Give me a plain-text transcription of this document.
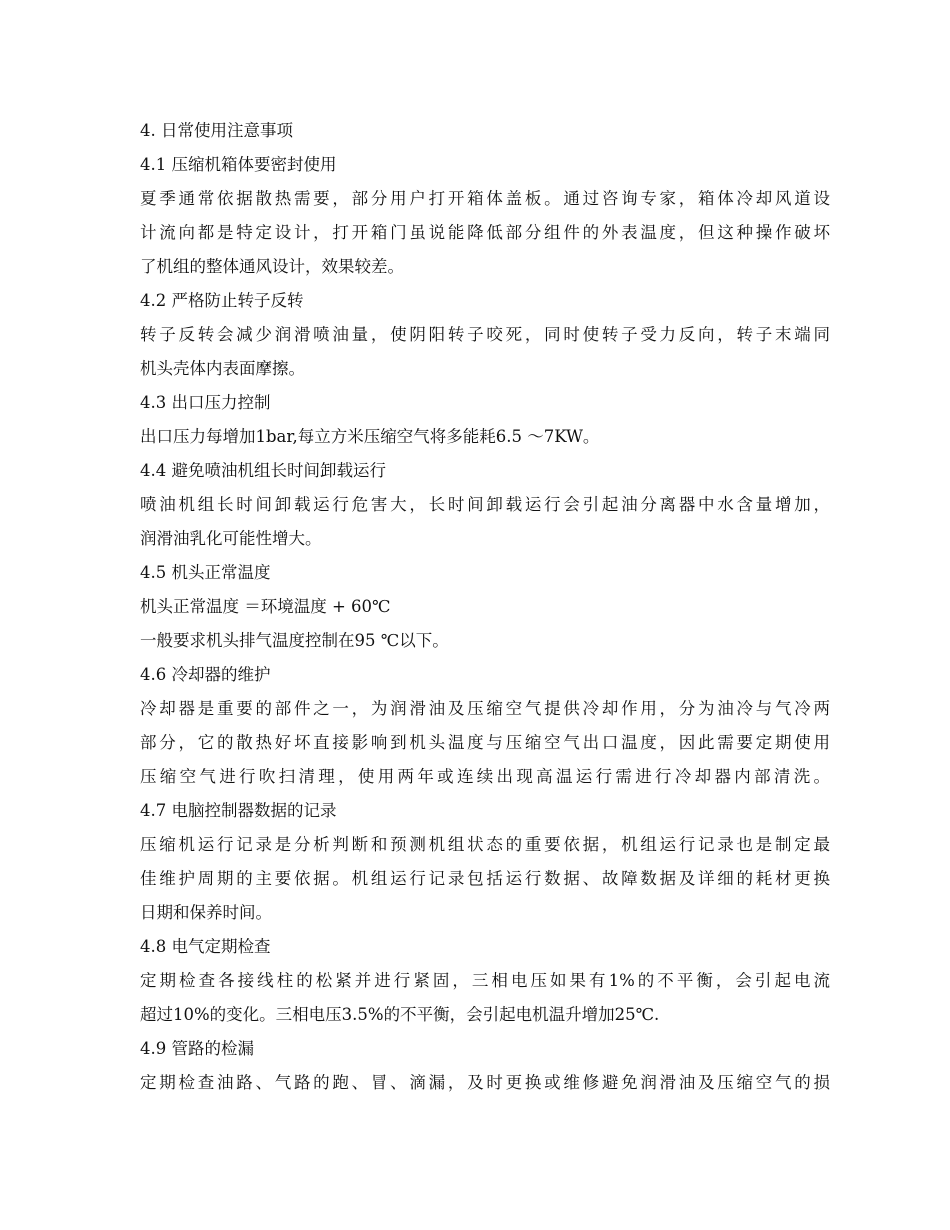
4. 日常使用注意事项
4.1 压缩机箱体要密封使用
夏季通常依据散热需要，部分用户打开箱体盖板。通过咨询专家，箱体冷却风道设
计流向都是特定设计，打开箱门虽说能降低部分组件的外表温度，但这种操作破坏
了机组的整体通风设计，效果较差。
4.2 严格防止转子反转
转子反转会减少润滑喷油量，使阴阳转子咬死，同时使转子受力反向，转子末端同
机头壳体内表面摩擦。
4.3 出口压力控制
出口压力每增加1bar,每立方米压缩空气将多能耗6.5 ～7KW。
4.4 避免喷油机组长时间卸载运行
喷油机组长时间卸载运行危害大，长时间卸载运行会引起油分离器中水含量增加，
润滑油乳化可能性增大。
4.5 机头正常温度
机头正常温度 ＝环境温度 + 60℃
一般要求机头排气温度控制在95 ℃以下。
4.6 冷却器的维护
冷却器是重要的部件之一，为润滑油及压缩空气提供冷却作用，分为油冷与气冷两
部分，它的散热好坏直接影响到机头温度与压缩空气出口温度，因此需要定期使用
压缩空气进行吹扫清理，使用两年或连续出现高温运行需进行冷却器内部清洗。
4.7 电脑控制器数据的记录
压缩机运行记录是分析判断和预测机组状态的重要依据，机组运行记录也是制定最
佳维护周期的主要依据。机组运行记录包括运行数据、故障数据及详细的耗材更换
日期和保养时间。
4.8 电气定期检查
定期检查各接线柱的松紧并进行紧固，三相电压如果有1%的不平衡，会引起电流
超过10%的变化。三相电压3.5%的不平衡，会引起电机温升增加25℃.
4.9 管路的检漏
定期检查油路、气路的跑、冒、滴漏，及时更换或维修避免润滑油及压缩空气的损
